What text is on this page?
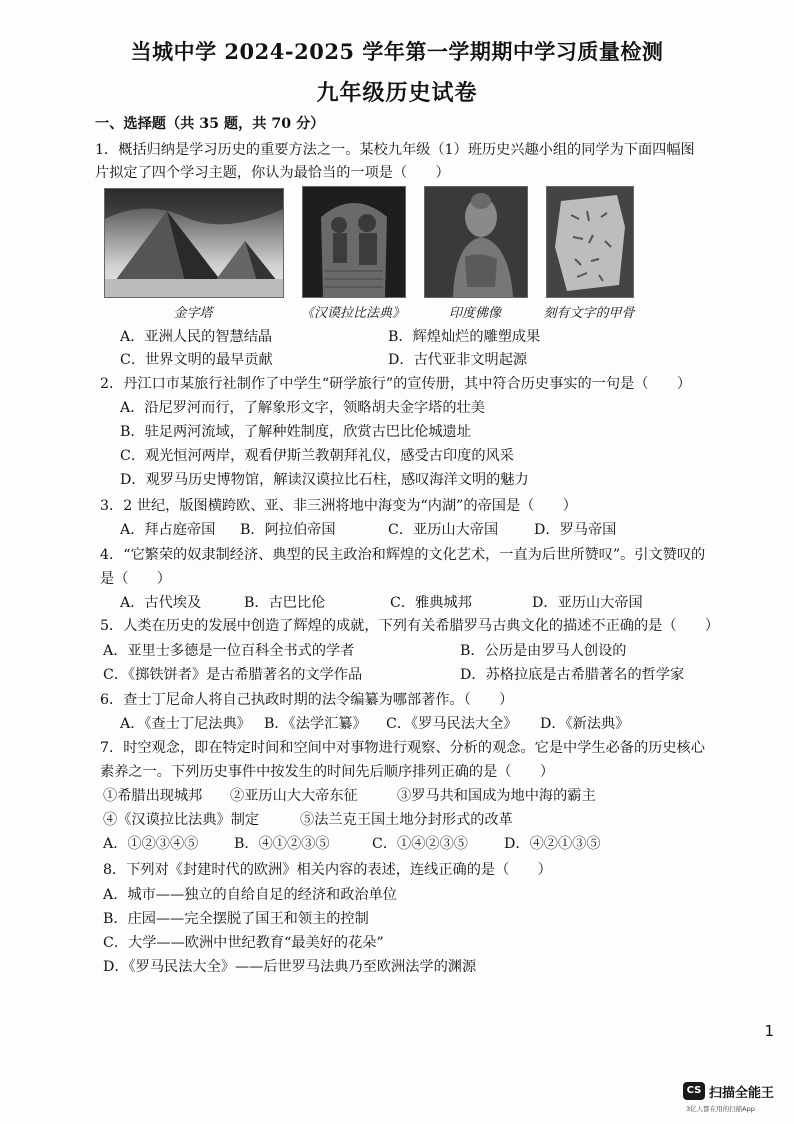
当城中学 2024-2025 学年第一学期期中学习质量检测
九年级历史试卷
一、选择题（共 35 题，共 70 分）
1．概括归纳是学习历史的重要方法之一。某校九年级（1）班历史兴趣小组的同学为下面四幅图
片拟定了四个学习主题，你认为最恰当的一项是（　　）
金字塔	《汉谟拉比法典》	印度佛像	刻有文字的甲骨
A．亚洲人民的智慧结晶	B．辉煌灿烂的雕塑成果
C．世界文明的最早贡献	D．古代亚非文明起源
2．丹江口市某旅行社制作了中学生“研学旅行”的宣传册，其中符合历史事实的一句是（　　）
A．沿尼罗河而行，了解象形文字，领略胡夫金字塔的壮美
B．驻足两河流域，了解种姓制度，欣赏古巴比伦城遗址
C．观光恒河两岸，观看伊斯兰教朝拜礼仪，感受古印度的风采
D．观罗马历史博物馆，解读汉谟拉比石柱，感叹海洋文明的魅力
3．2 世纪，版图横跨欧、亚、非三洲将地中海变为“内湖”的帝国是（　　）
A．拜占庭帝国 B．阿拉伯帝国	C．亚历山大帝国	D．罗马帝国
4．“它繁荣的奴隶制经济、典型的民主政治和辉煌的文化艺术，一直为后世所赞叹”。引文赞叹的
是（　　）
A．古代埃及	B．古巴比伦	C．雅典城邦	D．亚历山大帝国
5．人类在历史的发展中创造了辉煌的成就，下列有关希腊罗马古典文化的描述不正确的是（　　）
A．亚里士多德是一位百科全书式的学者	B．公历是由罗马人创设的
C．《掷铁饼者》是古希腊著名的文学作品	D．苏格拉底是古希腊著名的哲学家
6．查士丁尼命人将自己执政时期的法令编纂为哪部著作。（　　）
A．《查士丁尼法典》 B．《法学汇纂》 C．《罗马民法大全》 D．《新法典》
7．时空观念，即在特定时间和空间中对事物进行观察、分析的观念。它是中学生必备的历史核心
素养之一。下列历史事件中按发生的时间先后顺序排列正确的是（　　）
①希腊出现城邦 ②亚历山大大帝东征	③罗马共和国成为地中海的霸主
④《汉谟拉比法典》制定	⑤法兰克王国土地分封形式的改革
A．①②③④⑤	B．④①②③⑤	C．①④②③⑤	D．④②①③⑤
8．下列对《封建时代的欧洲》相关内容的表述，连线正确的是（　　）
A．城市——独立的自给自足的经济和政治单位
B．庄园——完全摆脱了国王和领主的控制
C．大学——欧洲中世纪教育“最美好的花朵”
D．《罗马民法大全》——后世罗马法典乃至欧洲法学的渊源
1
CS 扫描全能王
3亿人都在用的扫描App
